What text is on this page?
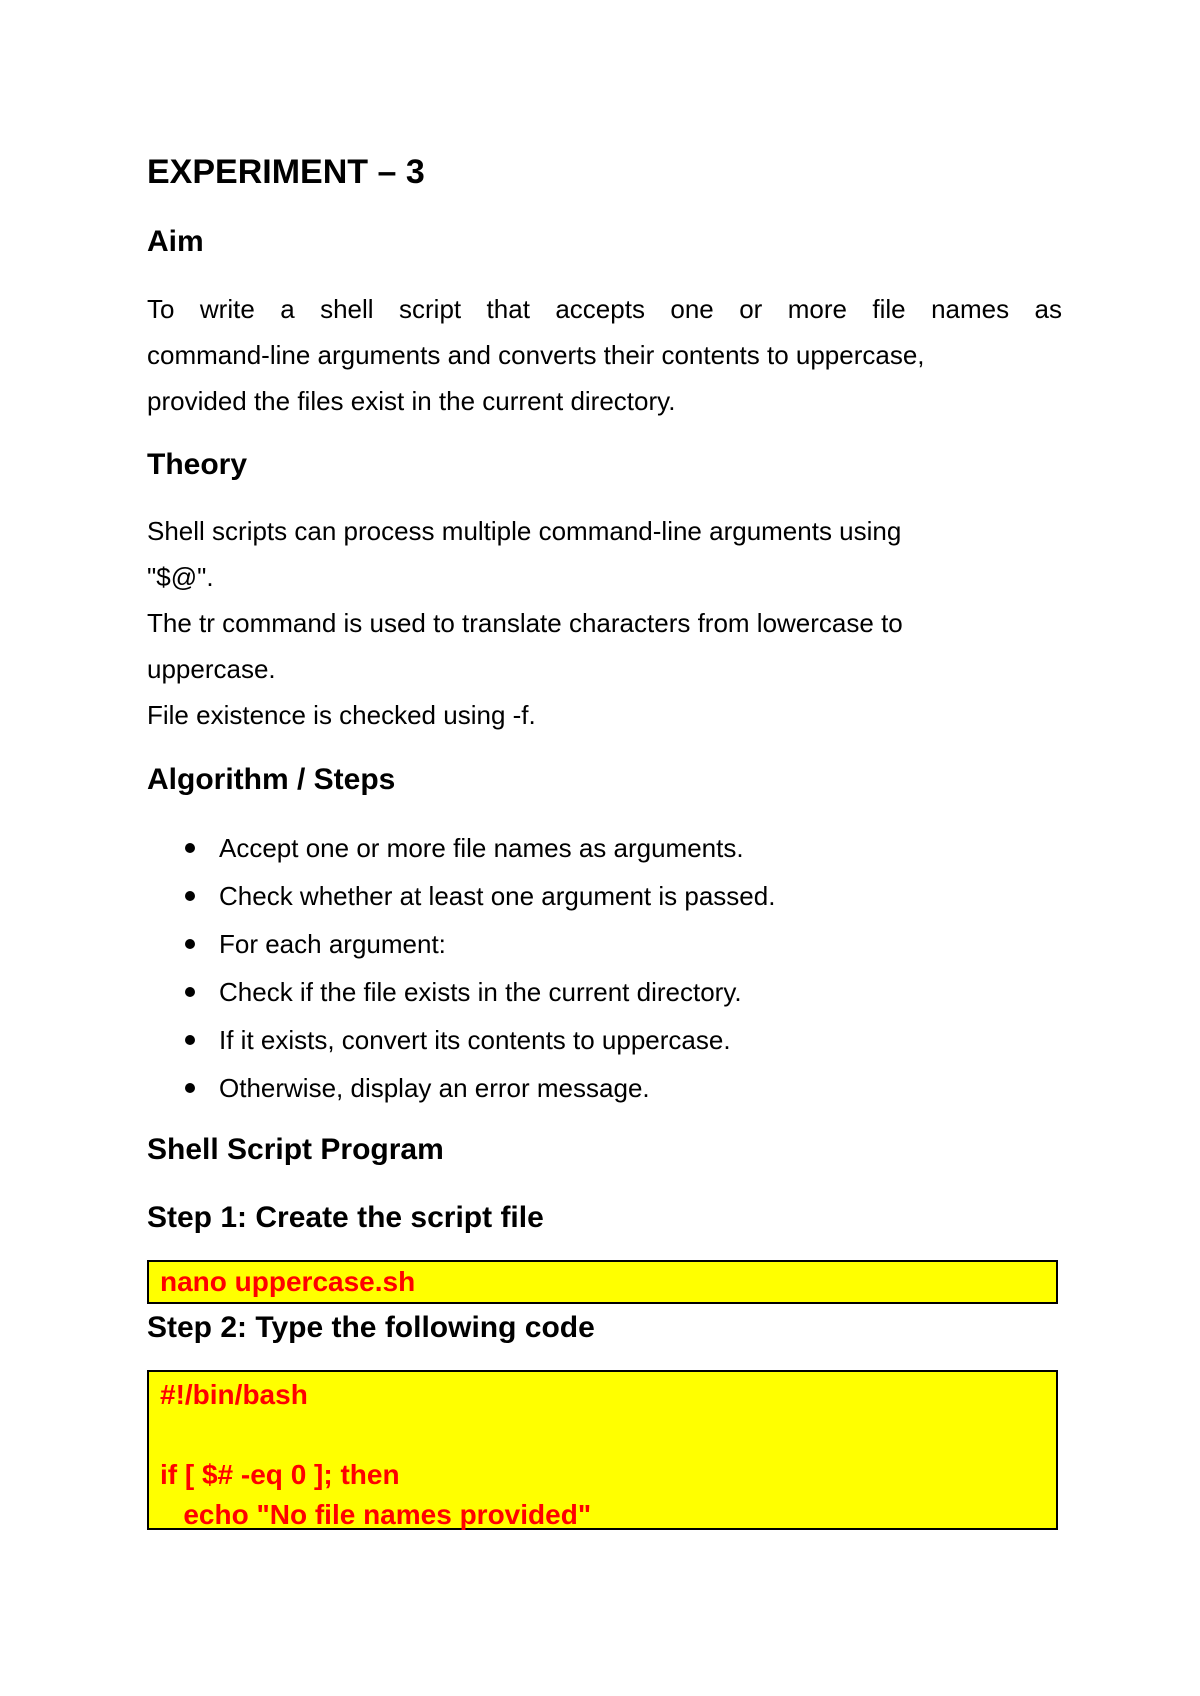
EXPERIMENT – 3
Aim
To write a shell script that accepts one or more file names as
command-line arguments and converts their contents to uppercase,
provided the files exist in the current directory.
Theory
Shell scripts can process multiple command-line arguments using
"$@".
The tr command is used to translate characters from lowercase to
uppercase.
File existence is checked using -f.
Algorithm / Steps
Accept one or more file names as arguments.
Check whether at least one argument is passed.
For each argument:
Check if the file exists in the current directory.
If it exists, convert its contents to uppercase.
Otherwise, display an error message.
Shell Script Program
Step 1: Create the script file
nano uppercase.sh
Step 2: Type the following code
#!/bin/bash

if [ $# -eq 0 ]; then
echo "No file names provided"
